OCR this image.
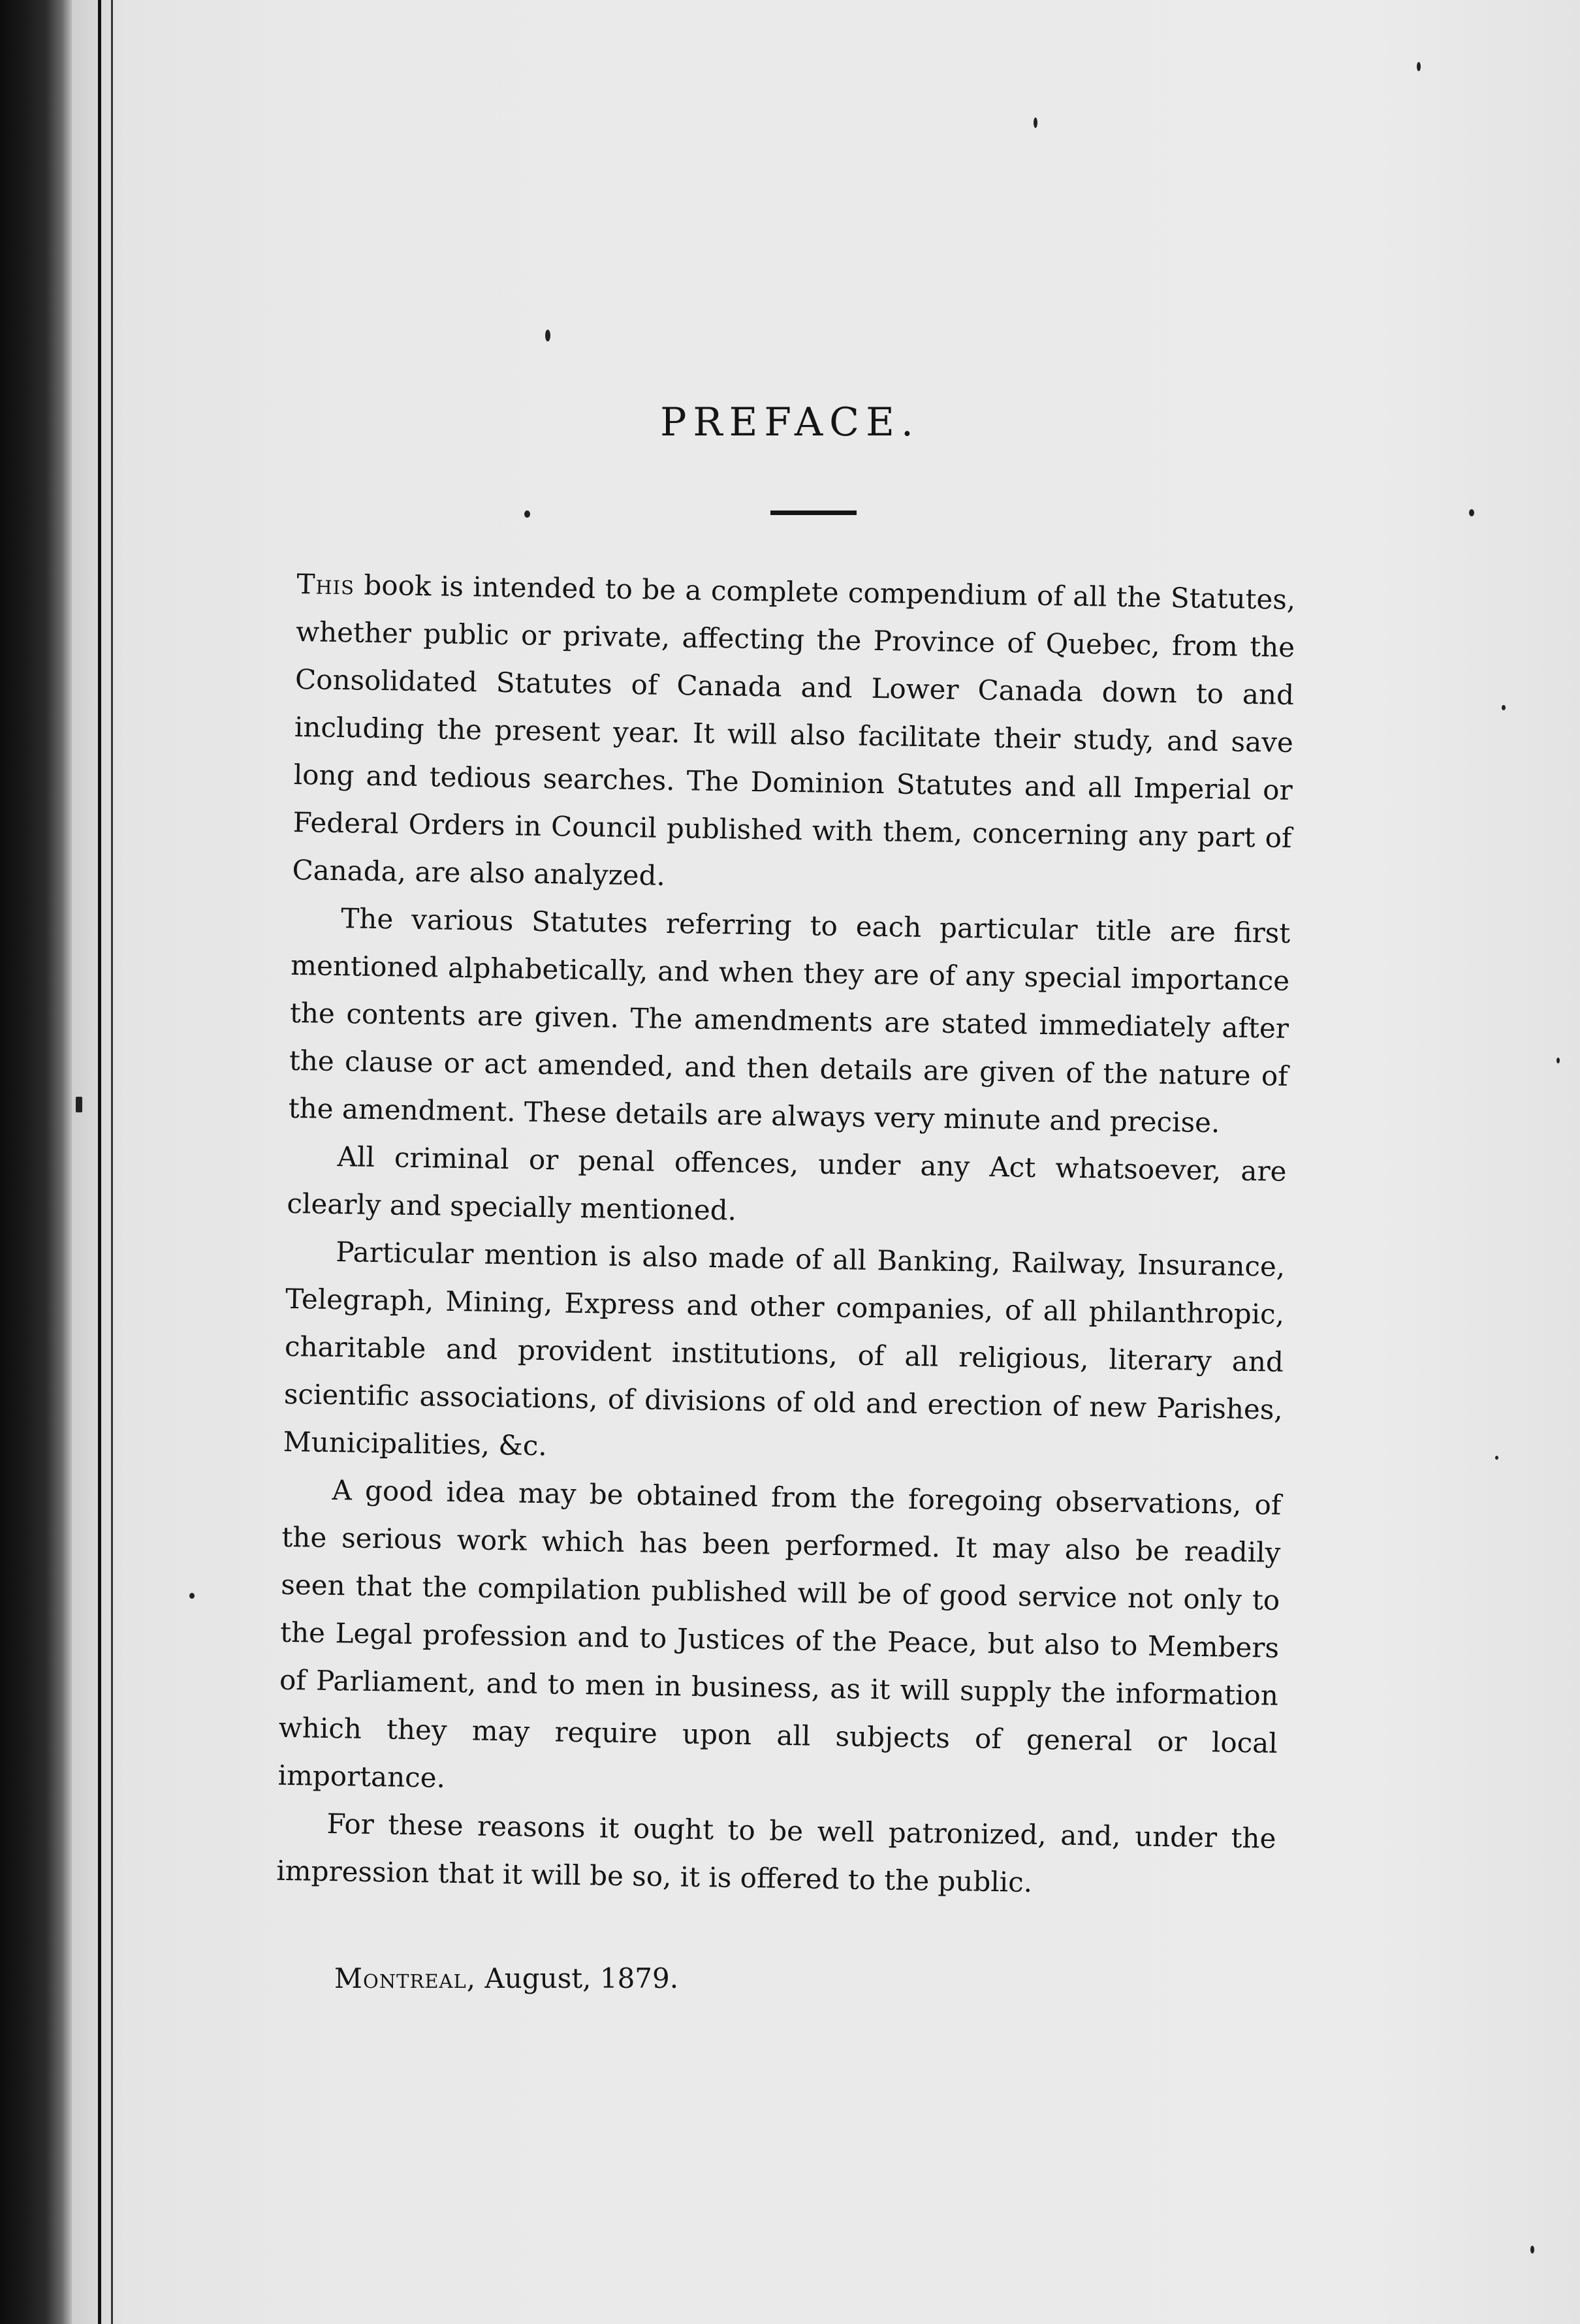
PREFACE.

This book is intended to be a complete compendium of all the Statutes, whether public or private, affecting the Province of Quebec, from the Consolidated Statutes of Canada and Lower Canada down to and including the present year. It will also facilitate their study, and save long and tedious searches. The Dominion Statutes and all Imperial or Federal Orders in Council published with them, concerning any part of Canada, are also analyzed.

The various Statutes referring to each particular title are first mentioned alphabetically, and when they are of any special importance the contents are given. The amendments are stated immediately after the clause or act amended, and then details are given of the nature of the amendment. These details are always very minute and precise.

All criminal or penal offences, under any Act whatsoever, are clearly and specially mentioned.

Particular mention is also made of all Banking, Railway, Insurance, Telegraph, Mining, Express and other companies, of all philanthropic, charitable and provident institutions, of all religious, literary and scientific associations, of divisions of old and erection of new Parishes, Municipalities, &c.

A good idea may be obtained from the foregoing observations, of the serious work which has been performed. It may also be readily seen that the compilation published will be of good service not only to the Legal profession and to Justices of the Peace, but also to Members of Parliament, and to men in business, as it will supply the information which they may require upon all subjects of general or local importance.

For these reasons it ought to be well patronized, and, under the impression that it will be so, it is offered to the public.

Montreal, August, 1879.
